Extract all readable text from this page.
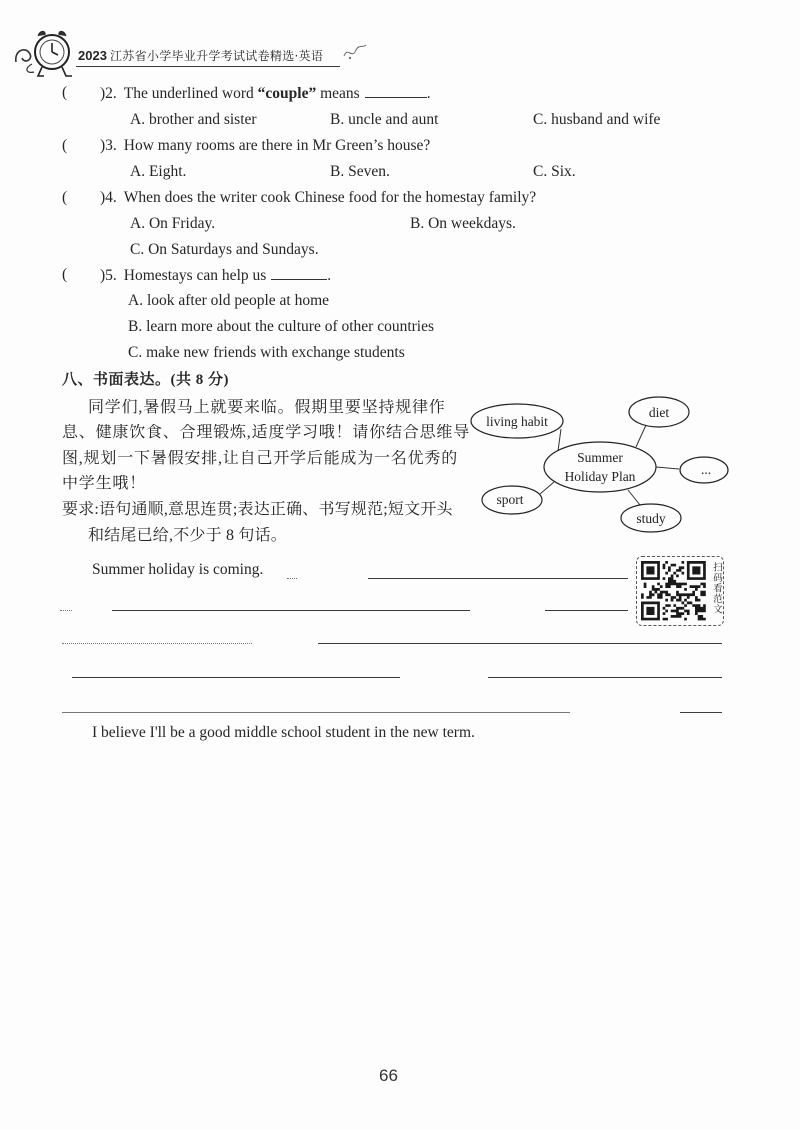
2023 江苏省小学毕业升学考试试卷精选·英语
( )2. The underlined word “couple” means	.
A. brother and sister	B. uncle and aunt	C. husband and wife
( )3. How many rooms are there in Mr Green’s house?
A. Eight.	B. Seven.	C. Six.
( )4. When does the writer cook Chinese food for the homestay family?
A. On Friday.	B. On weekdays.
C. On Saturdays and Sundays.
( )5. Homestays can help us	.
A. look after old people at home
B. learn more about the culture of other countries
C. make new friends with exchange students
八、书面表达。(共 8 分)
同学们,暑假马上就要来临。假期里要坚持规律作
息、健康饮食、合理锻炼,适度学习哦！请你结合思维导
图,规划一下暑假安排,让自己开学后能成为一名优秀的
中学生哦！
要求:语句通顺,意思连贯;表达正确、书写规范;短文开头
和结尾已给,不少于 8 句话。
living habit
diet
Summer
Holiday Plan	...
sport
study
Summer holiday is coming.
I believe I'll be a good middle school student in the new term.
扫码看范文
66
